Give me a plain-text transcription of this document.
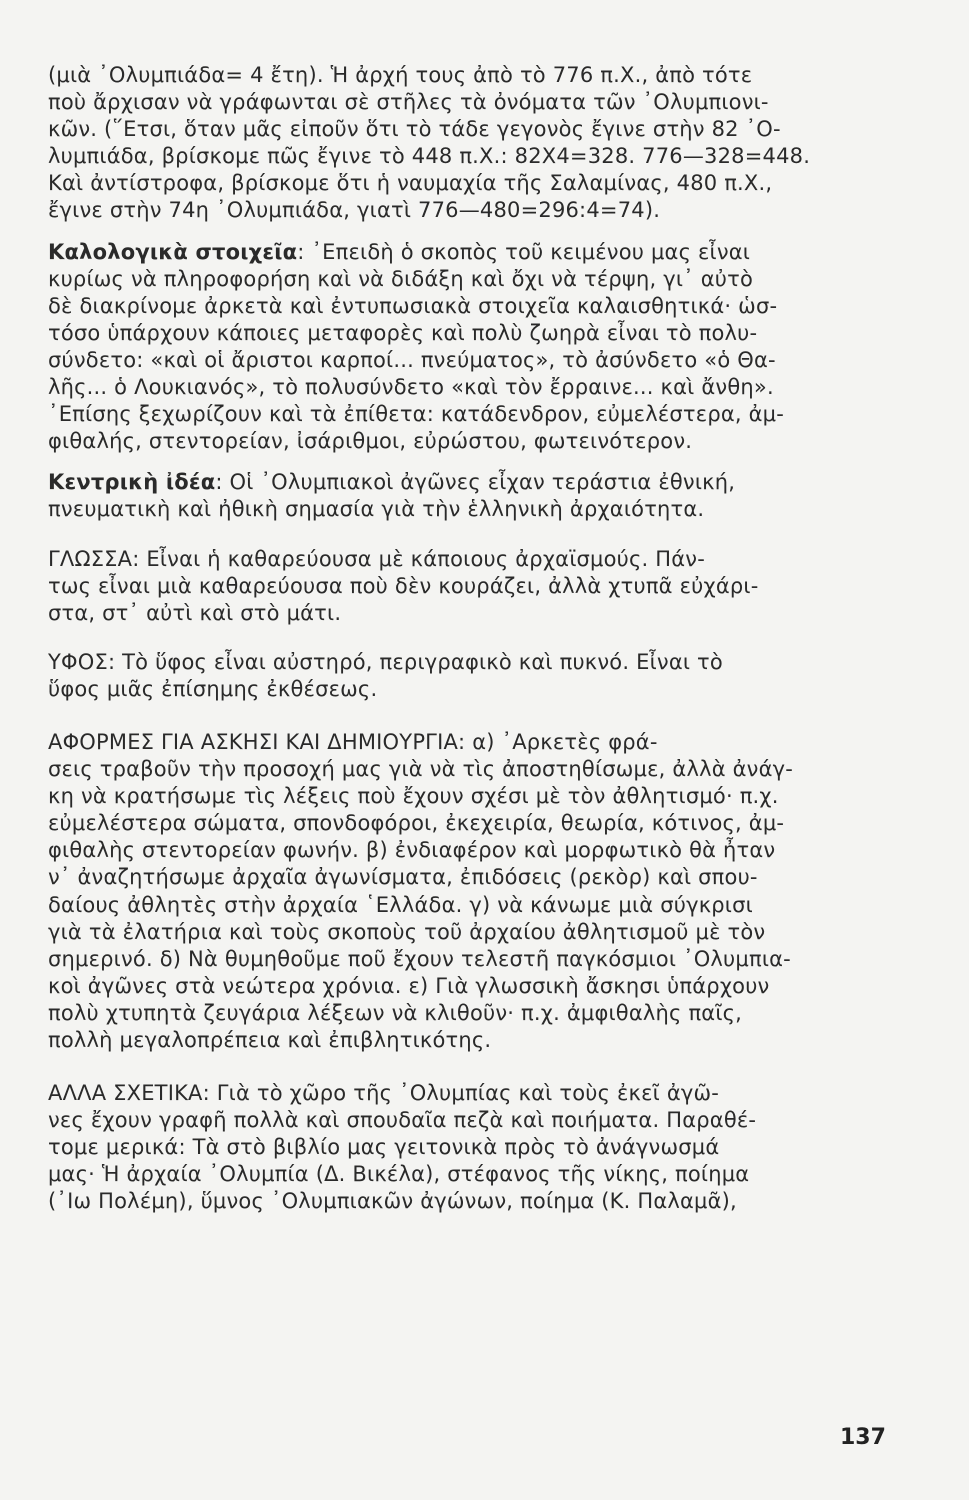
(μιὰ ᾿Ολυμπιάδα= 4 ἔτη). Ἡ ἀρχή τους ἀπὸ τὸ 776 π.Χ., ἀπὸ τότε
ποὺ ἄρχισαν νὰ γράφωνται σὲ στῆλες τὰ ὀνόματα τῶν ᾿Ολυμπιονι-
κῶν. (῞Ετσι, ὅταν μᾶς εἰποῦν ὅτι τὸ τάδε γεγονὸς ἔγινε στὴν 82 ᾿Ο-
λυμπιάδα, βρίσκομε πῶς ἔγινε τὸ 448 π.Χ.: 82Χ4=328. 776—328=448.
Καὶ ἀντίστροφα, βρίσκομε ὅτι ἡ ναυμαχία τῆς Σαλαμίνας, 480 π.Χ.,
ἔγινε στὴν 74η ᾿Ολυμπιάδα, γιατὶ 776—480=296:4=74).
Καλολογικὰ στοιχεῖα: ᾿Επειδὴ ὁ σκοπὸς τοῦ κειμένου μας εἶναι
κυρίως νὰ πληροφορήση καὶ νὰ διδάξη καὶ ὄχι νὰ τέρψη, γι᾿ αὐτὸ
δὲ διακρίνομε ἀρκετὰ καὶ ἐντυπωσιακὰ στοιχεῖα καλαισθητικά· ὡσ-
τόσο ὑπάρχουν κάποιες μεταφορὲς καὶ πολὺ ζωηρὰ εἶναι τὸ πολυ-
σύνδετο: «καὶ οἱ ἄριστοι καρποί... πνεύματος», τὸ ἀσύνδετο «ὁ Θα-
λῆς... ὁ Λουκιανός», τὸ πολυσύνδετο «καὶ τὸν ἔρραινε... καὶ ἄνθη».
᾿Επίσης ξεχωρίζουν καὶ τὰ ἐπίθετα: κατάδενδρον, εὐμελέστερα, ἀμ-
φιθαλής, στεντορείαν, ἰσάριθμοι, εὐρώστου, φωτεινότερον.
Κεντρικὴ ἰδέα: Οἱ ᾿Ολυμπιακοὶ ἀγῶνες εἶχαν τεράστια ἐθνική,
πνευματικὴ καὶ ἠθικὴ σημασία γιὰ τὴν ἑλληνικὴ ἀρχαιότητα.
ΓΛΩΣΣΑ: Εἶναι ἡ καθαρεύουσα μὲ κάποιους ἀρχαϊσμούς. Πάν-
τως εἶναι μιὰ καθαρεύουσα ποὺ δὲν κουράζει, ἀλλὰ χτυπᾶ εὐχάρι-
στα, στ᾿ αὐτὶ καὶ στὸ μάτι.
ΥΦΟΣ: Τὸ ὕφος εἶναι αὐστηρό, περιγραφικὸ καὶ πυκνό. Εἶναι τὸ
ὕφος μιᾶς ἐπίσημης ἐκθέσεως.
ΑΦΟΡΜΕΣ ΓΙΑ ΑΣΚΗΣΙ ΚΑΙ ΔΗΜΙΟΥΡΓΙΑ: α) ᾿Αρκετὲς φρά-
σεις τραβοῦν τὴν προσοχή μας γιὰ νὰ τὶς ἀποστηθίσωμε, ἀλλὰ ἀνάγ-
κη νὰ κρατήσωμε τὶς λέξεις ποὺ ἔχουν σχέσι μὲ τὸν ἀθλητισμό· π.χ.
εὐμελέστερα σώματα, σπονδοφόροι, ἐκεχειρία, θεωρία, κότινος, ἀμ-
φιθαλὴς στεντορείαν φωνήν. β) ἐνδιαφέρον καὶ μορφωτικὸ θὰ ἦταν
ν᾿ ἀναζητήσωμε ἀρχαῖα ἀγωνίσματα, ἐπιδόσεις (ρεκὸρ) καὶ σπου-
δαίους ἀθλητὲς στὴν ἀρχαία ῾Ελλάδα. γ) νὰ κάνωμε μιὰ σύγκρισι
γιὰ τὰ ἐλατήρια καὶ τοὺς σκοποὺς τοῦ ἀρχαίου ἀθλητισμοῦ μὲ τὸν
σημερινό. δ) Νὰ θυμηθοῦμε ποῦ ἔχουν τελεστῆ παγκόσμιοι ᾿Ολυμπια-
κοὶ ἀγῶνες στὰ νεώτερα χρόνια. ε) Γιὰ γλωσσικὴ ἄσκησι ὑπάρχουν
πολὺ χτυπητὰ ζευγάρια λέξεων νὰ κλιθοῦν· π.χ. ἀμφιθαλὴς παῖς,
πολλὴ μεγαλοπρέπεια καὶ ἐπιβλητικότης.
ΑΛΛΑ ΣΧΕΤΙΚΑ: Γιὰ τὸ χῶρο τῆς ᾿Ολυμπίας καὶ τοὺς ἐκεῖ ἀγῶ-
νες ἔχουν γραφῆ πολλὰ καὶ σπουδαῖα πεζὰ καὶ ποιήματα. Παραθέ-
τομε μερικά: Τὰ στὸ βιβλίο μας γειτονικὰ πρὸς τὸ ἀνάγνωσμά
μας· Ἡ ἀρχαία ᾿Ολυμπία (Δ. Βικέλα), στέφανος τῆς νίκης, ποίημα
(᾿Ιω Πολέμη), ὕμνος ᾿Ολυμπιακῶν ἀγώνων, ποίημα (Κ. Παλαμᾶ),
137
